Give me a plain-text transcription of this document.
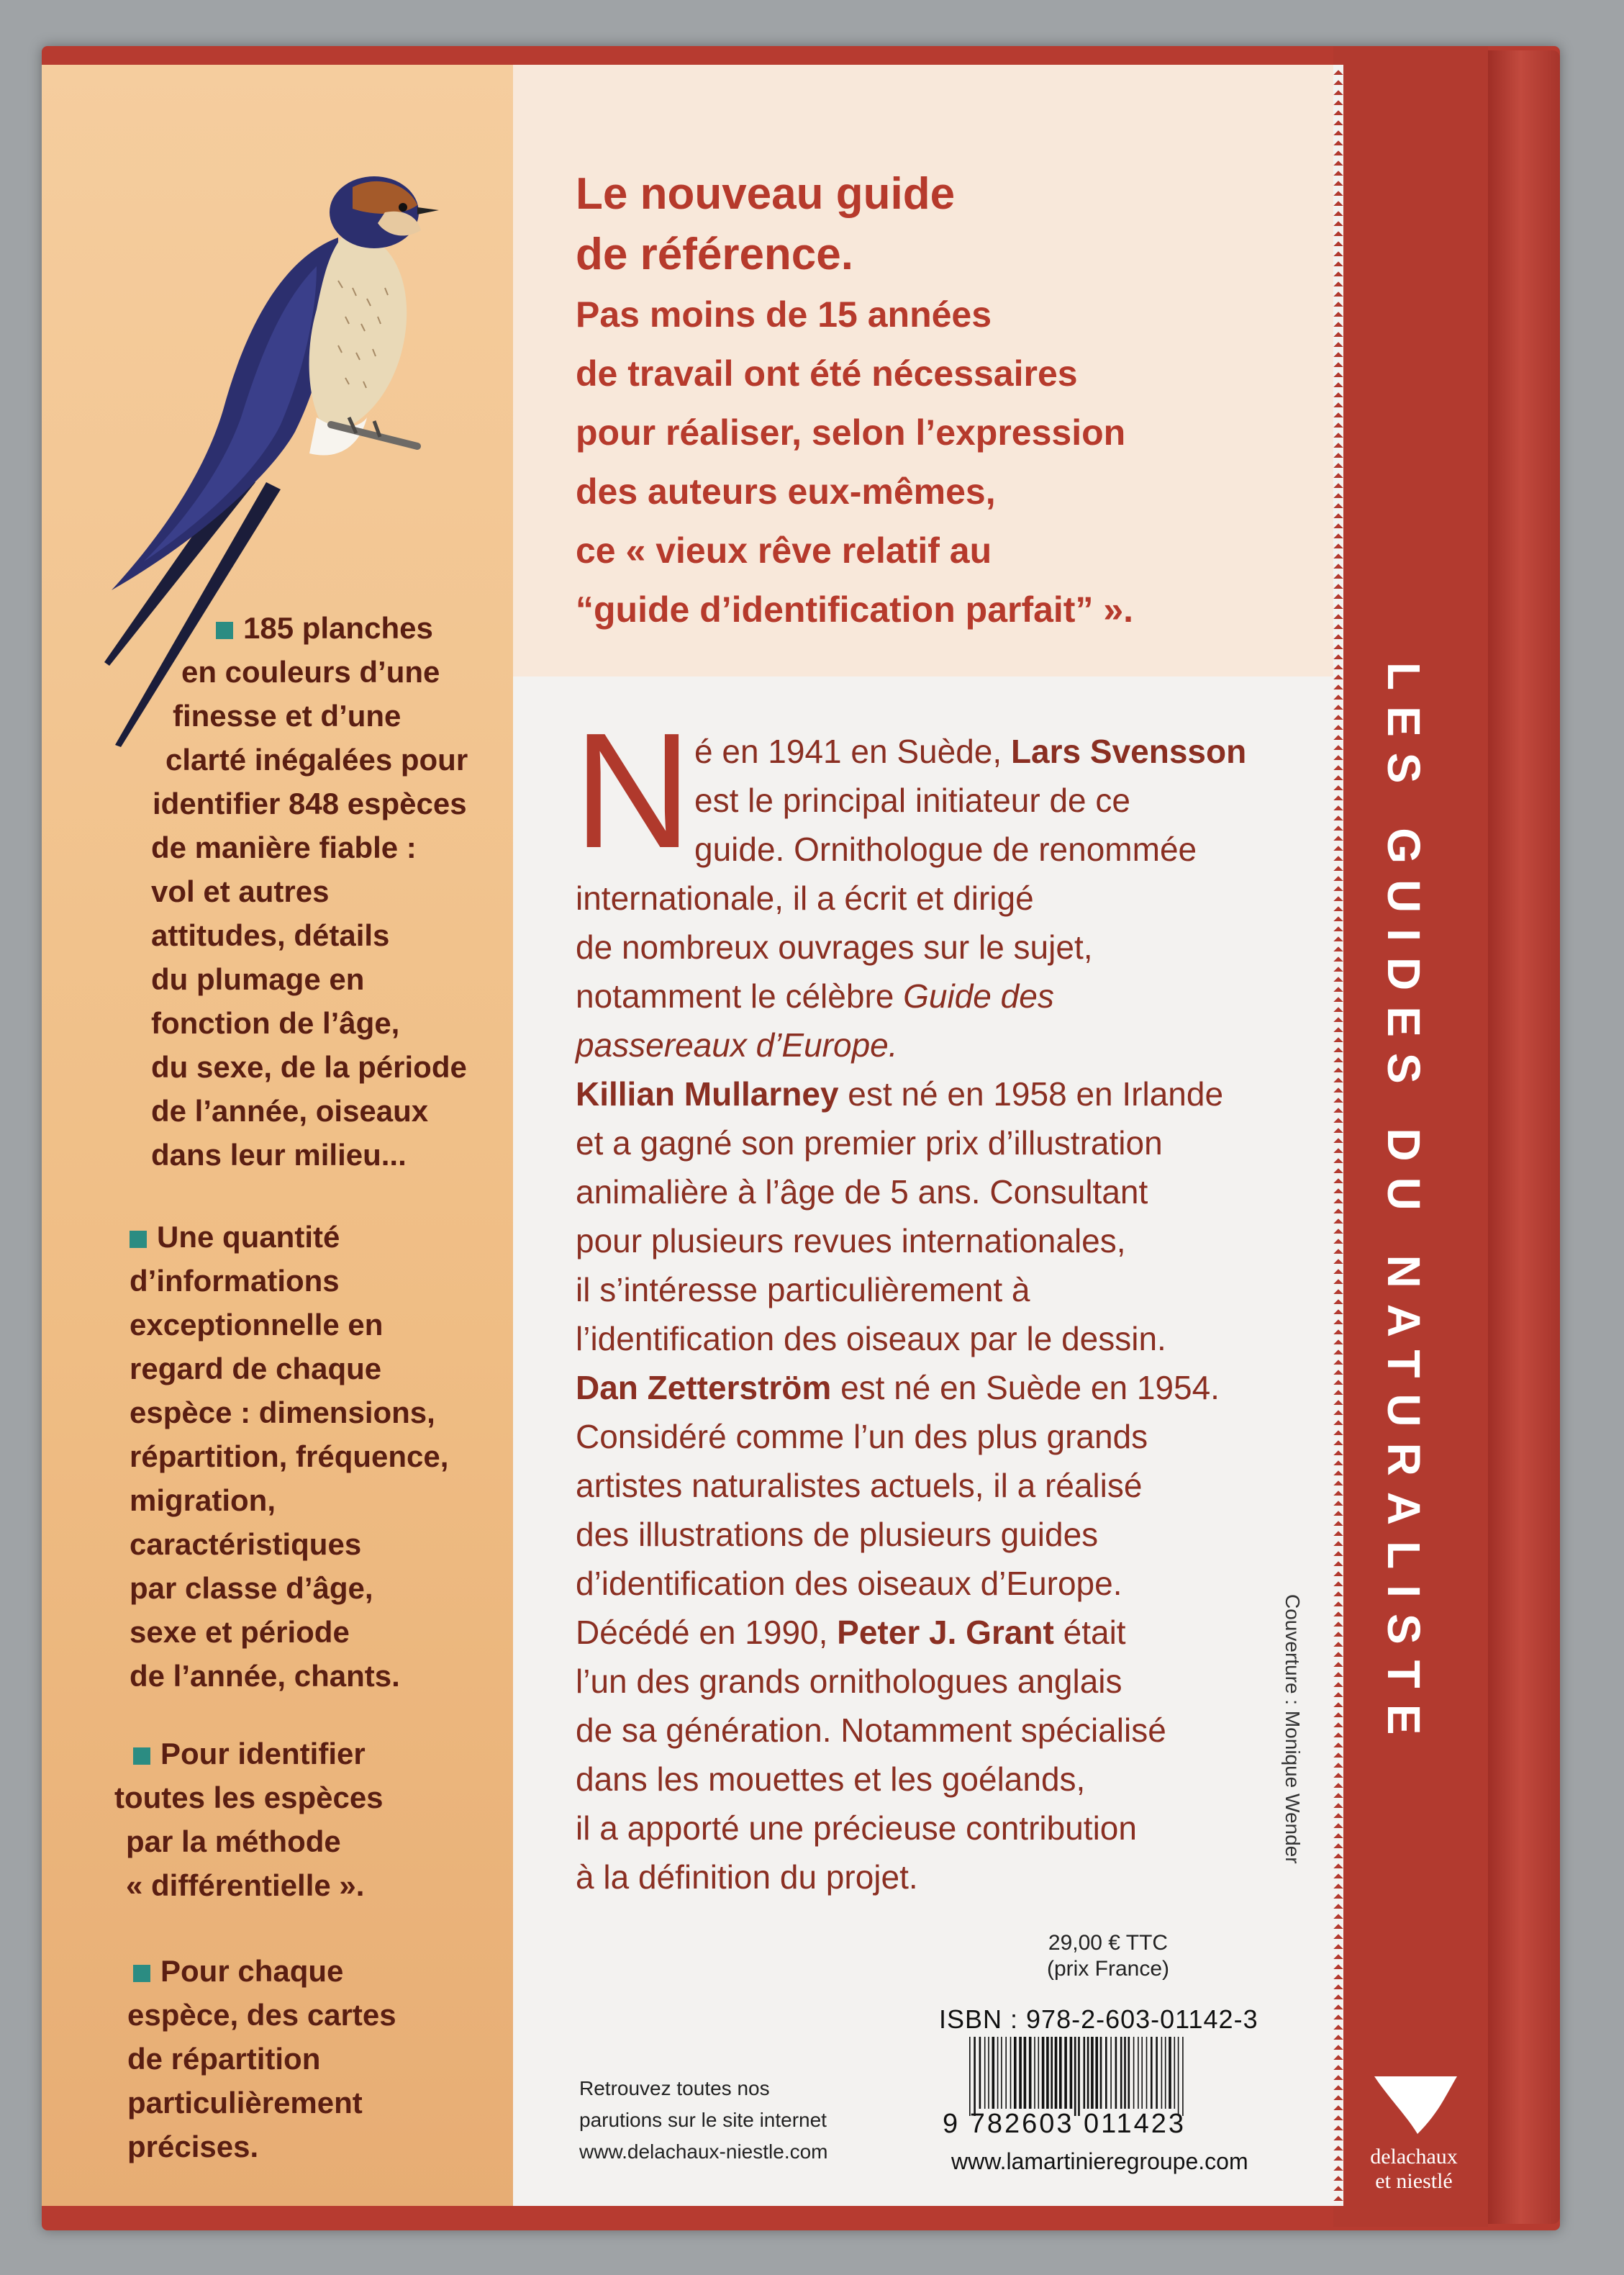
Le nouveau guide
de référence.
Pas moins de 15 années
de travail ont été nécessaires
pour réaliser, selon l’expression
des auteurs eux-mêmes,
ce « vieux rêve relatif au
“guide d’identification parfait” ».
185 planches
en couleurs d’une
finesse et d’une
clarté inégalées pour
identifier 848 espèces
de manière fiable :
vol et autres
attitudes, détails
du plumage en
fonction de l’âge,
du sexe, de la période
de l’année, oiseaux
dans leur milieu...
Une quantité
d’informations
exceptionnelle en
regard de chaque
espèce : dimensions,
répartition, fréquence,
migration,
caractéristiques
par classe d’âge,
sexe et période
de l’année, chants.
Pour identifier
toutes les espèces
par la méthode
« différentielle ».
Pour chaque
espèce, des cartes
de répartition
particulièrement
précises.
N é en 1941 en Suède, Lars Svensson
est le principal initiateur de ce
guide. Ornithologue de renommée
internationale, il a écrit et dirigé
de nombreux ouvrages sur le sujet,
notamment le célèbre Guide des
passereaux d’Europe.
Killian Mullarney est né en 1958 en Irlande
et a gagné son premier prix d’illustration
animalière à l’âge de 5 ans. Consultant
pour plusieurs revues internationales,
il s’intéresse particulièrement à
l’identification des oiseaux par le dessin.
Dan Zetterström est né en Suède en 1954.
Considéré comme l’un des plus grands
artistes naturalistes actuels, il a réalisé
des illustrations de plusieurs guides
d’identification des oiseaux d’Europe.
Décédé en 1990, Peter J. Grant était
l’un des grands ornithologues anglais
de sa génération. Notamment spécialisé
dans les mouettes et les goélands,
il a apporté une précieuse contribution
à la définition du projet.
LES GUIDES DU NATURALISTE
Couverture : Monique Wender
delachaux
et niestlé
29,00 € TTC
(prix France)
ISBN : 978-2-603-01142-3
9 782603 011423
www.lamartinieregroupe.com
Retrouvez toutes nos
parutions sur le site internet
www.delachaux-niestle.com
